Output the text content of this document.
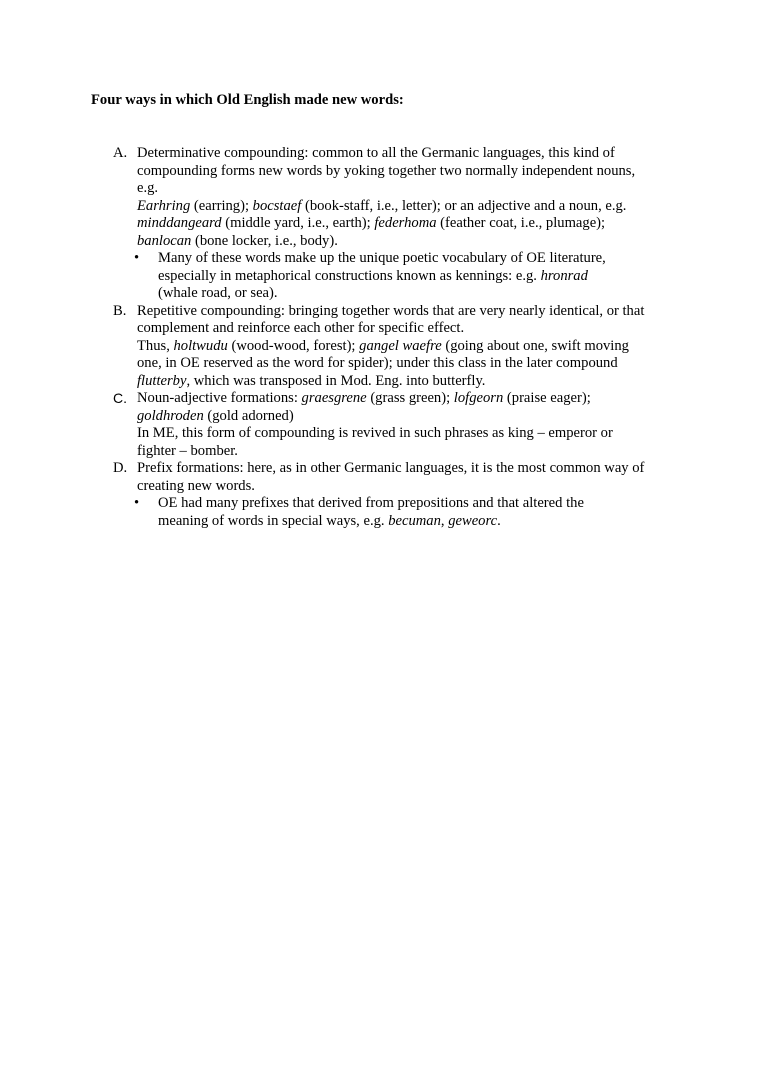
Four ways in which Old English made new words:
A. Determinative compounding: common to all the Germanic languages, this kind of
compounding forms new words by yoking together two normally independent nouns,
e.g.
Earhring (earring); bocstaef (book-staff, i.e., letter); or an adjective and a noun, e.g.
minddangeard (middle yard, i.e., earth); federhoma (feather coat, i.e., plumage);
banlocan (bone locker, i.e., body).
• Many of these words make up the unique poetic vocabulary of OE literature,
especially in metaphorical constructions known as kennings: e.g. hronrad
(whale road, or sea).
B. Repetitive compounding: bringing together words that are very nearly identical, or that
complement and reinforce each other for specific effect.
Thus, holtwudu (wood-wood, forest); gangel waefre (going about one, swift moving
one, in OE reserved as the word for spider); under this class in the later compound
flutterby, which was transposed in Mod. Eng. into butterfly.
C. Noun-adjective formations: graesgrene (grass green); lofgeorn (praise eager);
goldhroden (gold adorned)
In ME, this form of compounding is revived in such phrases as king – emperor or
fighter – bomber.
D. Prefix formations: here, as in other Germanic languages, it is the most common way of
creating new words.
• OE had many prefixes that derived from prepositions and that altered the
meaning of words in special ways, e.g. becuman, geweorc.
